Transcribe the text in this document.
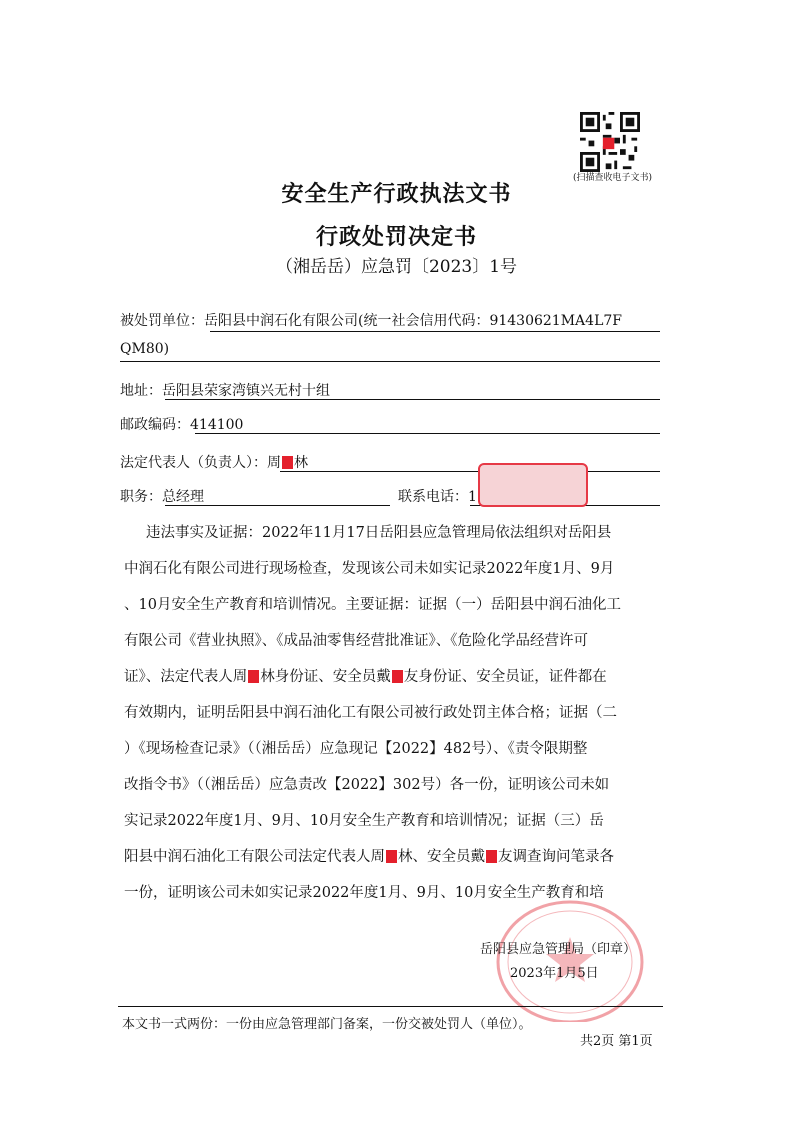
(扫描查收电子文书)
安全生产行政执法文书
行政处罚决定书
（湘岳岳）应急罚〔2023〕1号
被处罚单位：岳阳县中润石化有限公司(统一社会信用代码：91430621MA4L7F
QM80)
地址：岳阳县荣家湾镇兴无村十组
邮政编码：414100
法定代表人（负责人）：周 林
职务：总经理	联系电话：1
违法事实及证据：2022年11月17日岳阳县应急管理局依法组织对岳阳县
中润石化有限公司进行现场检查，发现该公司未如实记录2022年度1月、9月
、10月安全生产教育和培训情况。主要证据：证据（一）岳阳县中润石油化工
有限公司《营业执照》、《成品油零售经营批准证》、《危险化学品经营许可
证》、法定代表人周 林身份证、安全员戴 友身份证、安全员证，证件都在
有效期内，证明岳阳县中润石油化工有限公司被行政处罚主体合格；证据（二
）《现场检查记录》（（湘岳岳）应急现记【2022】482号）、《责令限期整
改指令书》（（湘岳岳）应急责改【2022】302号）各一份，证明该公司未如
实记录2022年度1月、9月、10月安全生产教育和培训情况；证据（三）岳
阳县中润石油化工有限公司法定代表人周 林、安全员戴 友调查询问笔录各
一份，证明该公司未如实记录2022年度1月、9月、10月安全生产教育和培
岳阳县应急管理局（印章）
2023年1月5日
本文书一式两份：一份由应急管理部门备案，一份交被处罚人（单位）。
共2页 第1页
